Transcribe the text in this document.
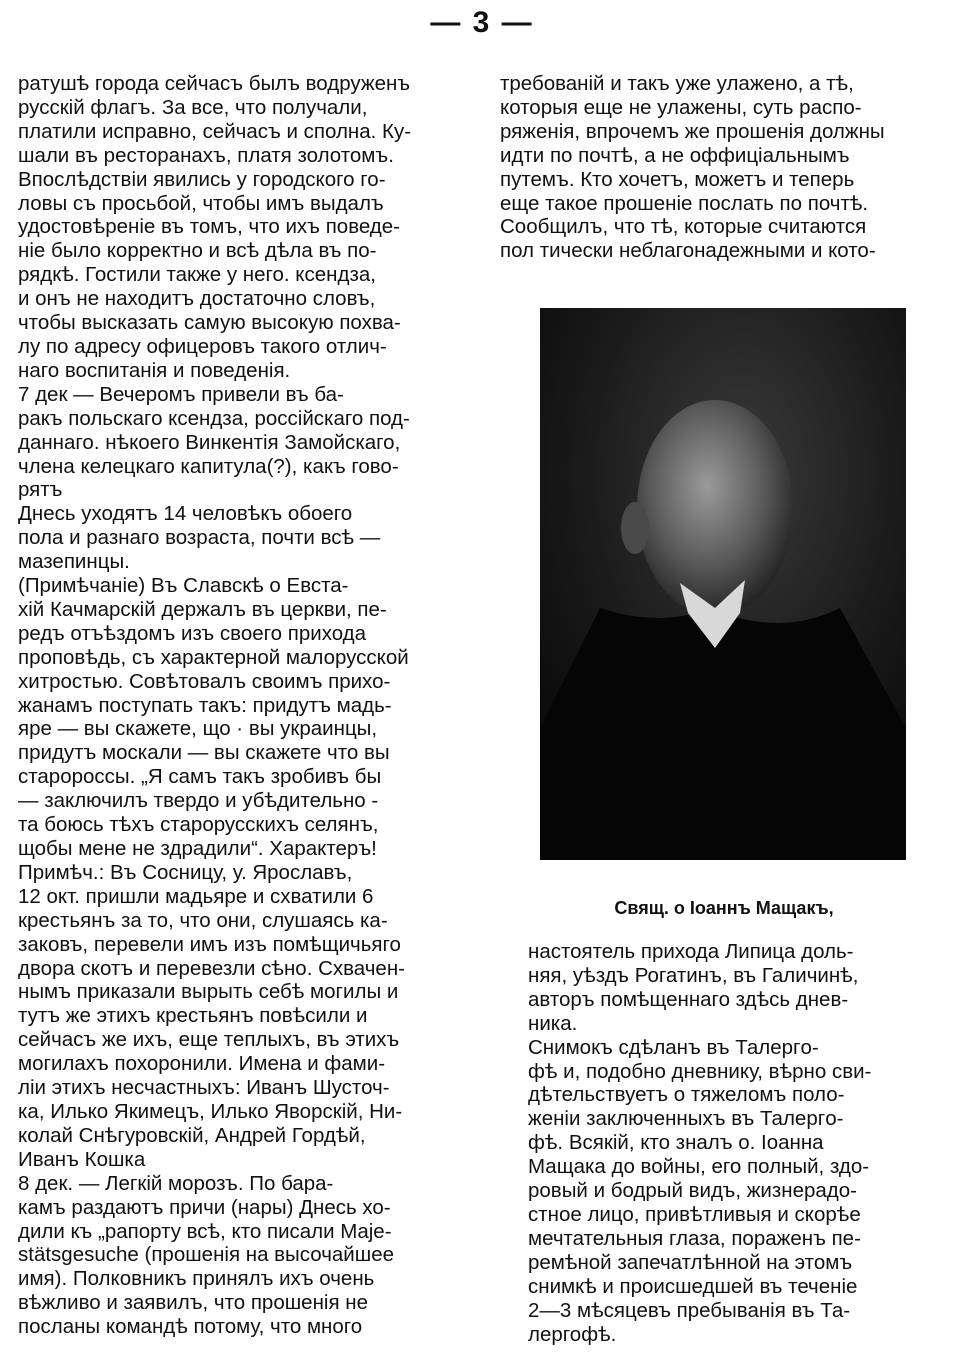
— 3 —
ратушѣ города сейчасъ былъ водруженъ
русскій флагъ. За все, что получали,
платили исправно, сейчасъ и сполна. Ку-
шали въ ресторанахъ, платя золотомъ.
Впослѣдствіи явились у городского го-
ловы съ просьбой, чтобы имъ выдалъ
удостовѣреніе въ томъ, что ихъ поведе-
ніе было корректно и всѣ дѣла въ по-
рядкѣ. Гостили также у него. ксендза,
и онъ не находитъ достаточно словъ,
чтобы высказать самую высокую похва-
лу по адресу офицеровъ такого отлич-
наго воспитанія и поведенія.
7 дек — Вечеромъ привели въ ба-
ракъ польскаго ксендза, россійскаго под-
даннаго. нѣкоего Винкентія Замойскаго,
члена келецкаго капитула(?), какъ гово-
рятъ
Днесь уходятъ 14 человѣкъ обоего
пола и разнаго возраста, почти всѣ —
мазепинцы.
(Примѣчаніе) Въ Славскѣ о Евста-
хій Качмарскій держалъ въ церкви, пе-
редъ отъѣздомъ изъ своего прихода
проповѣдь, съ характерной малорусской
хитростью. Совѣтовалъ своимъ прихо-
жанамъ поступать такъ: придутъ мадь-
яре — вы скажете, що · вы украинцы,
придутъ москали — вы скажете что вы
старороссы. „Я самъ такъ зробивъ бы
— заключилъ твердо и убѣдительно -
та боюсь тѣхъ старорусскихъ селянъ,
щобы мене не здрадили“. Характеръ!
Примѣч.: Въ Сосницу, у. Ярославъ,
12 окт. пришли мадьяре и схватили 6
крестьянъ за то, что они, слушаясь ка-
заковъ, перевели имъ изъ помѣщичьяго
двора скотъ и перевезли сѣно. Схвачен-
нымъ приказали вырыть себѣ могилы и
тутъ же этихъ крестьянъ повѣсили и
сейчасъ же ихъ, еще теплыхъ, въ этихъ
могилахъ похоронили. Имена и фами-
ліи этихъ несчастныхъ: Иванъ Шусточ-
ка, Илько Якимецъ, Илько Яворскій, Ни-
колай Снѣгуровскій, Андрей Гордѣй,
Иванъ Кошка
8 дек. — Легкій морозъ. По бара-
камъ раздаютъ причи (нары) Днесь хо-
дили къ „рапорту всѣ, кто писали Maje-
stätsgesuche (прошенія на высочайшее
имя). Полковникъ принялъ ихъ очень
вѣжливо и заявилъ, что прошенія не
посланы командѣ потому, что много
требованій и такъ уже улажено, а тѣ,
которыя еще не улажены, суть распо-
ряженія, впрочемъ же прошенія должны
идти по почтѣ, а не оффиціальнымъ
путемъ. Кто хочетъ, можетъ и теперь
еще такое прошеніе послать по почтѣ.
Сообщилъ, что тѣ, которые считаются
пол тически неблагонадежными и кото-
Свящ. о Іоаннъ Мащакъ,
настоятель прихода Липица доль-
няя, уѣздъ Рогатинъ, въ Галичинѣ,
авторъ помѣщеннаго здѣсь днев-
ника.
Снимокъ сдѣланъ въ Талергo-
фѣ и, подобно дневнику, вѣрно сви-
дѣтельствуетъ о тяжеломъ поло-
женіи заключенныхъ въ Талергo-
фѣ. Всякій, кто зналъ о. Іоанна
Мащака до войны, его полный, здо-
ровый и бодрый видъ, жизнерадо-
стное лицо, привѣтливыя и скорѣе
мечтательныя глаза, пораженъ пе-
ремѣной запечатлѣнной на этомъ
снимкѣ и происшедшей въ теченіе
2—3 мѣсяцевъ пребыванія въ Та-
лергофѣ.
